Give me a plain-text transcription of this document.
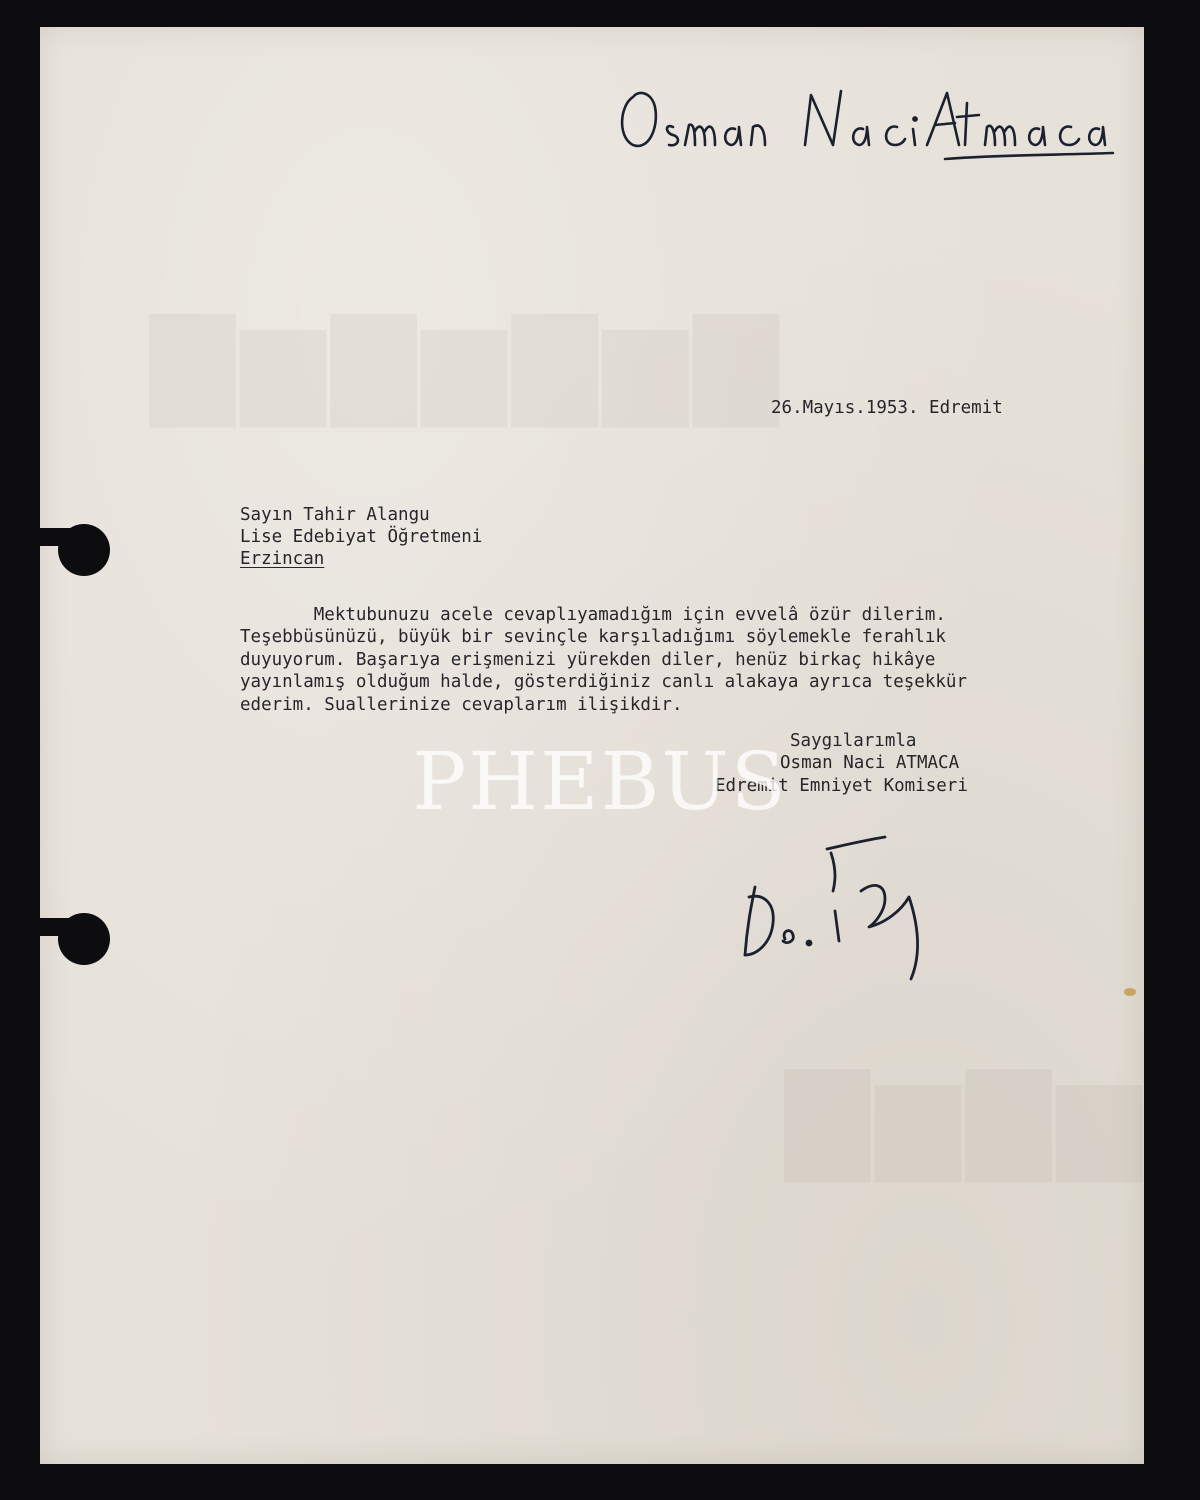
▇▆▇▆▇▆▇
▇▆▇▆
26.Mayıs.1953. Edremit
Sayın Tahir Alangu
Lise Edebiyat Öğretmeni
Erzincan
Mektubunuzu acele cevaplıyamadığım için evvelâ özür dilerim.
Teşebbüsünüzü, büyük bir sevinçle karşıladığımı söylemekle ferahlık
duyuyorum. Başarıya erişmenizi yürekden diler, henüz birkaç hikâye
yayınlamış olduğum halde, gösterdiğiniz canlı alakaya ayrıca teşekkür
ederim. Suallerinize cevaplarım ilişikdir.
Saygılarımla
Osman Naci ATMACA
Edremit Emniyet Komiseri
PHEBUS
